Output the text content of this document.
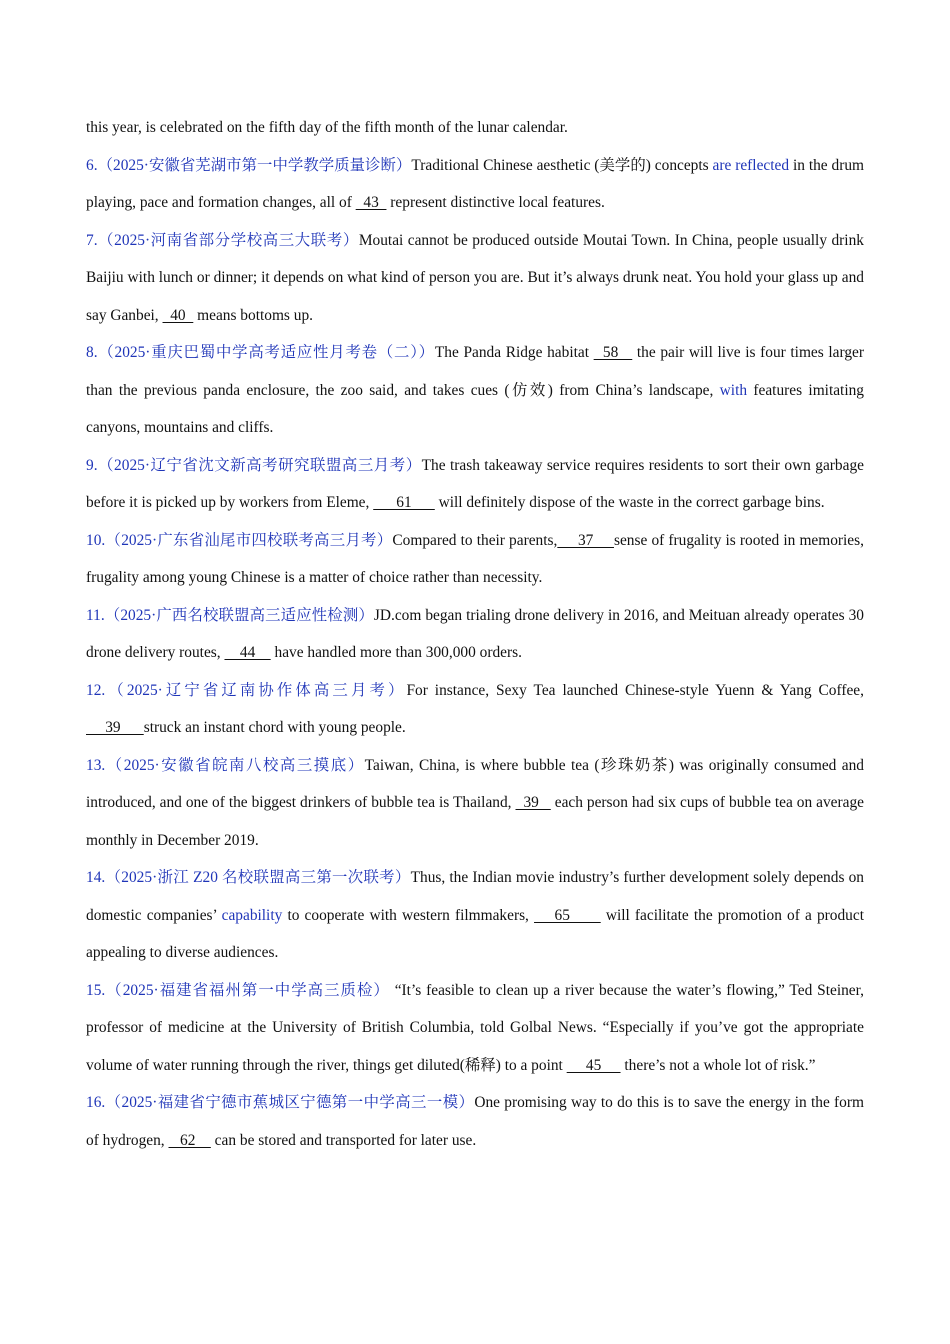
this year, is celebrated on the fifth day of the fifth month of the lunar calendar.

6.（2025·安徽省芜湖市第一中学教学质量诊断）Traditional Chinese aesthetic (美学的) concepts are reflected in the drum playing, pace and formation changes, all of   43   represent distinctive local features.

7.（2025·河南省部分学校高三大联考）Moutai cannot be produced outside Moutai Town. In China, people usually drink Baijiu with lunch or dinner; it depends on what kind of person you are. But it’s always drunk neat. You hold your glass up and say Ganbei,   40   means bottoms up.

8.（2025·重庆巴蜀中学高考适应性月考卷（二））The Panda Ridge habitat   58    the pair will live is four times larger than the previous panda enclosure, the zoo said, and takes cues (仿效) from China’s landscape, with features imitating canyons, mountains and cliffs.

9.（2025·辽宁省沈文新高考研究联盟高三月考）The trash takeaway service requires residents to sort their own garbage before it is picked up by workers from Eleme,       61       will definitely dispose of the waste in the correct garbage bins.

10.（2025·广东省汕尾市四校联考高三月考）Compared to their parents,     37     sense of frugality is rooted in memories, frugality among young Chinese is a matter of choice rather than necessity.

11.（2025·广西名校联盟高三适应性检测）JD.com began trialing drone delivery in 2016, and Meituan already operates 30 drone delivery routes,     44     have handled more than 300,000 orders.

12.（2025·辽宁省辽南协作体高三月考）For instance, Sexy Tea launched Chinese-style Yuenn & Yang Coffee,      39      struck an instant chord with young people.

13.（2025·安徽省皖南八校高三摸底）Taiwan, China, is where bubble tea (珍珠奶茶) was originally consumed and introduced, and one of the biggest drinkers of bubble tea is Thailand,   39    each person had six cups of bubble tea on average monthly in December 2019.

14.（2025·浙江 Z20 名校联盟高三第一次联考）Thus, the Indian movie industry’s further development solely depends on domestic companies’ capability to cooperate with western filmmakers,     65       will facilitate the promotion of a product appealing to diverse audiences.

15.（2025·福建省福州第一中学高三质检） “It’s feasible to clean up a river because the water’s flowing,” Ted Steiner, professor of medicine at the University of British Columbia, told Golbal News. “Especially if you’ve got the appropriate volume of water running through the river, things get diluted(稀释) to a point      45      there’s not a whole lot of risk.”

16.（2025·福建省宁德市蕉城区宁德第一中学高三一模）One promising way to do this is to save the energy in the form of hydrogen,    62     can be stored and transported for later use.
